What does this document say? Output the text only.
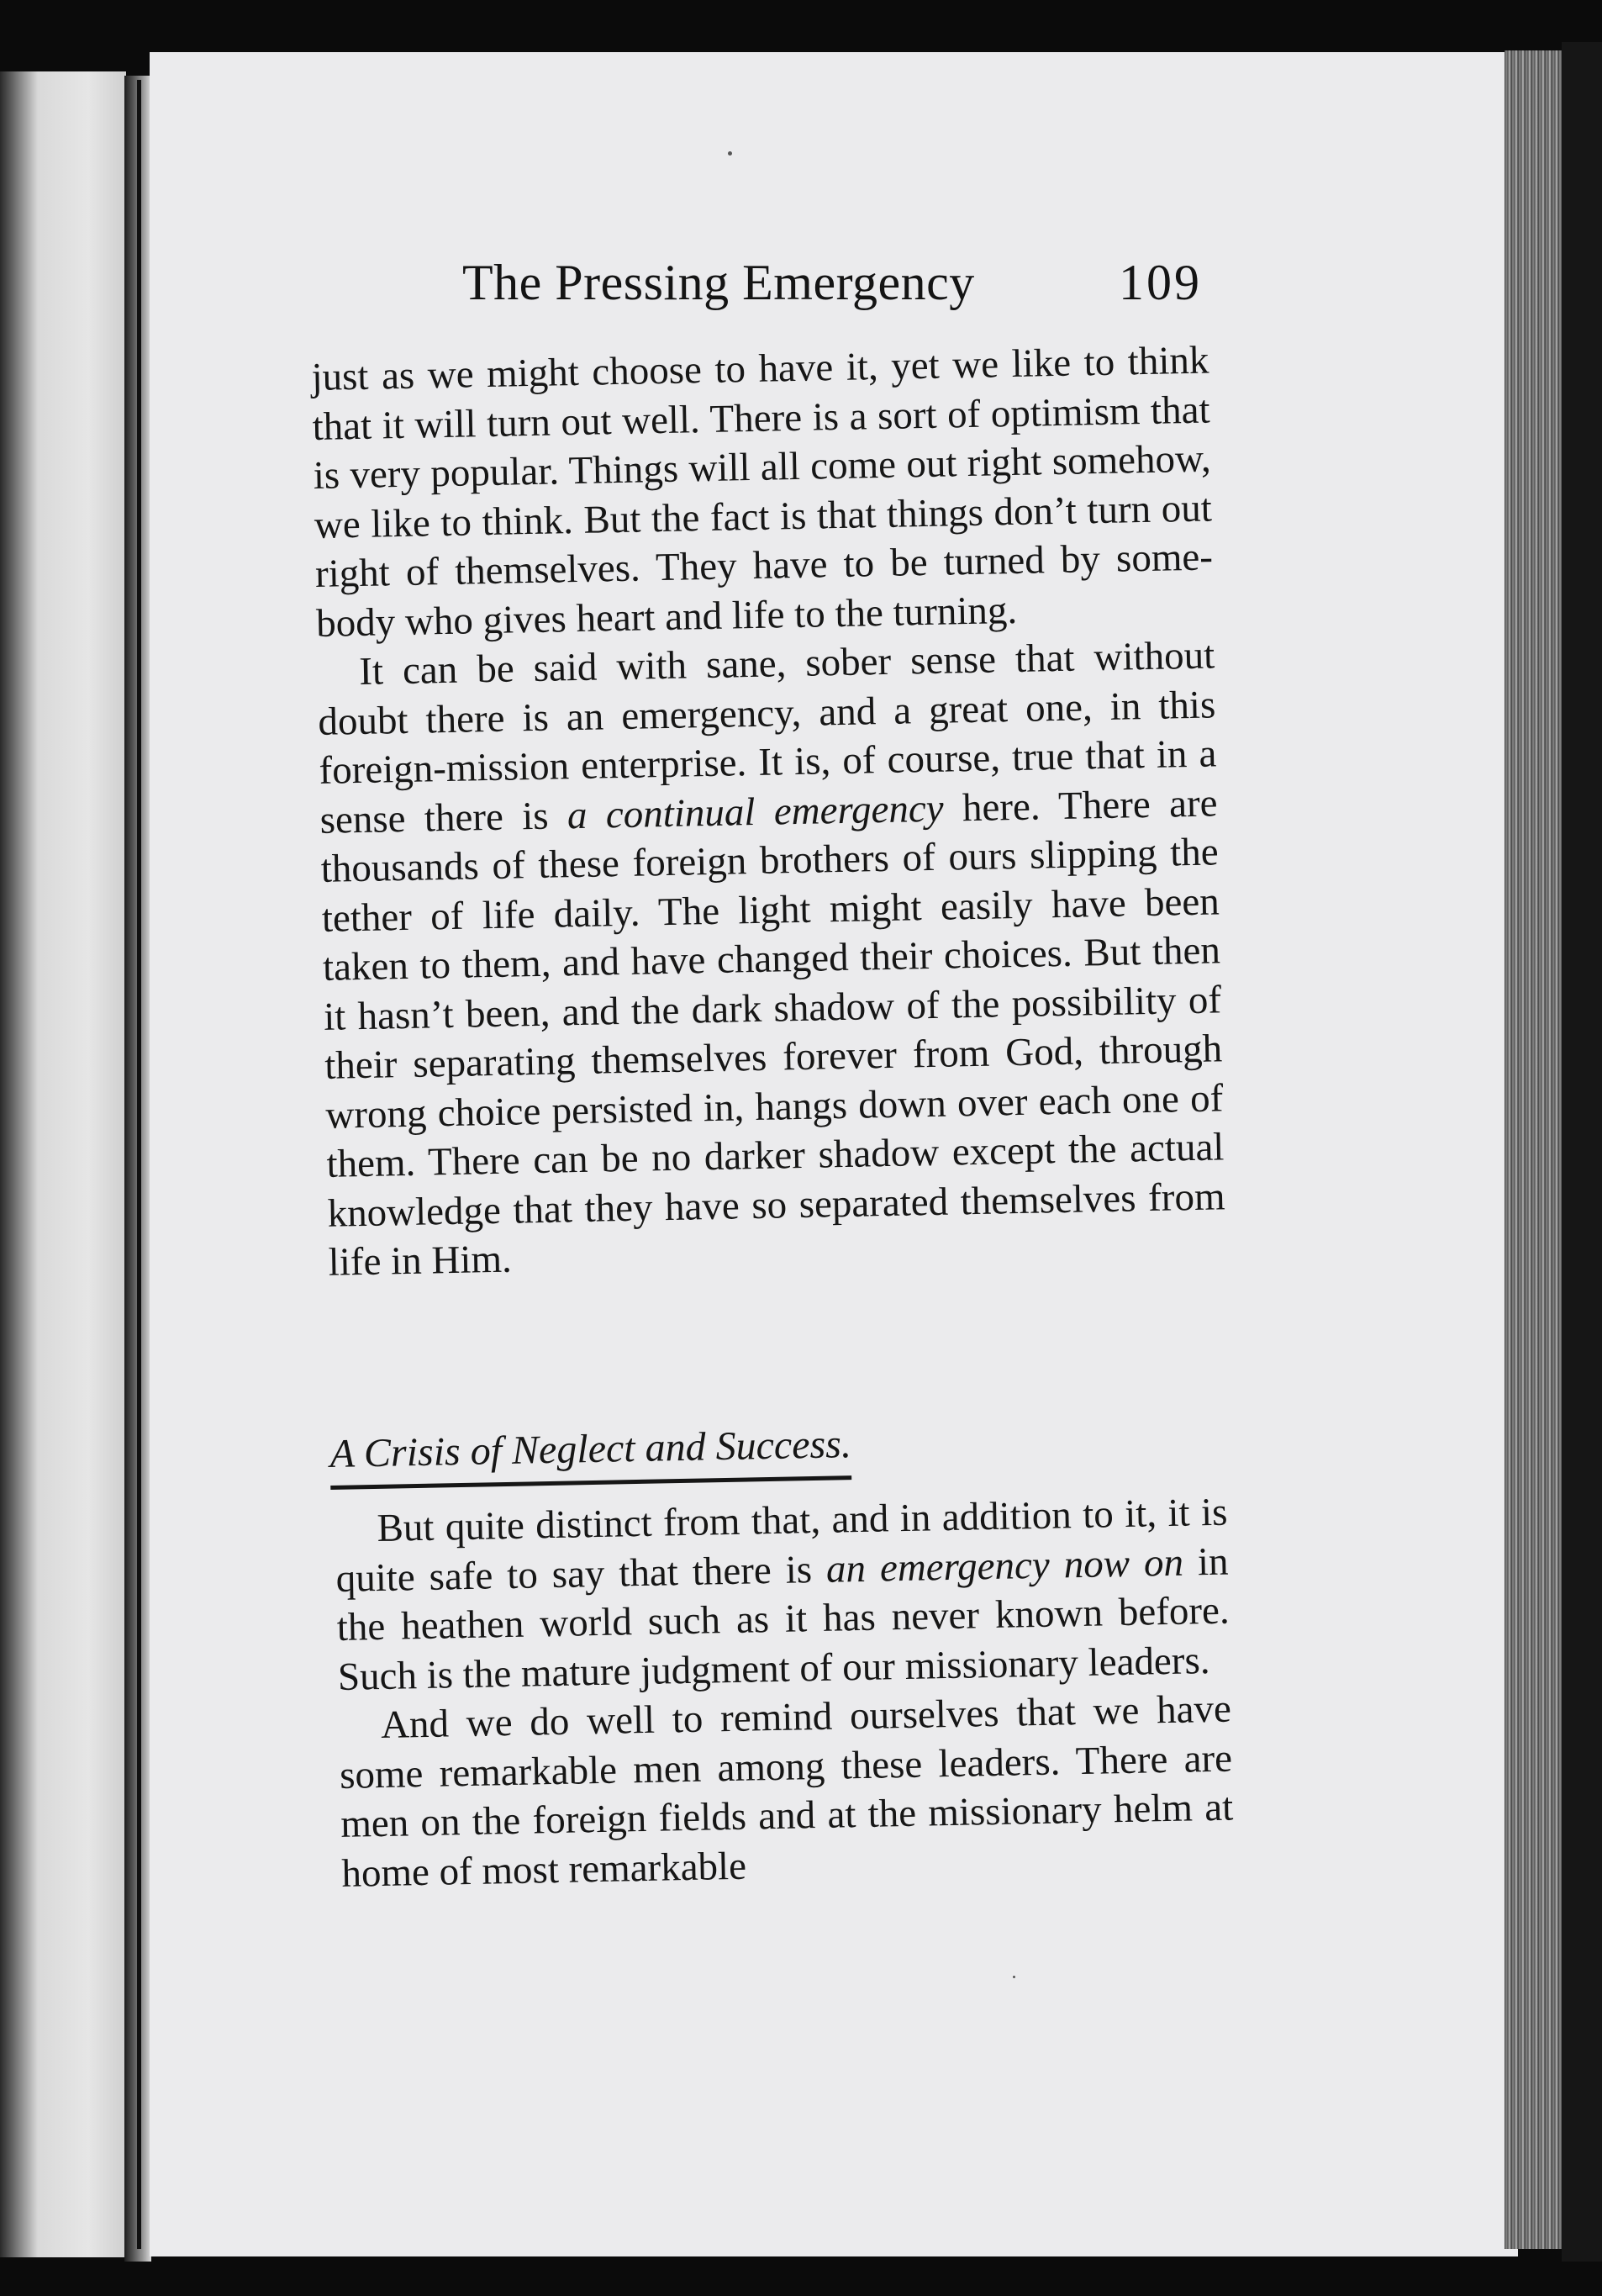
The Pressing Emergency	109

just as we might choose to have it, yet we like to think that it will turn out well. There is a sort of optimism that is very popular. Things will all come out right somehow, we like to think. But the fact is that things don’t turn out right of themselves. They have to be turned by some-body who gives heart and life to the turning.

It can be said with sane, sober sense that without doubt there is an emergency, and a great one, in this foreign-mission enterprise. It is, of course, true that in a sense there is a continual emergency here. There are thousands of these foreign brothers of ours slipping the tether of life daily. The light might easily have been taken to them, and have changed their choices. But then it hasn’t been, and the dark shadow of the possibility of their separating themselves forever from God, through wrong choice persisted in, hangs down over each one of them. There can be no darker shadow except the actual knowledge that they have so separated themselves from life in Him.

A Crisis of Neglect and Success.

But quite distinct from that, and in addition to it, it is quite safe to say that there is an emergency now on in the heathen world such as it has never known before. Such is the mature judgment of our missionary leaders.

And we do well to remind ourselves that we have some remarkable men among these leaders. There are men on the foreign fields and at the missionary helm at home of most remarkable
